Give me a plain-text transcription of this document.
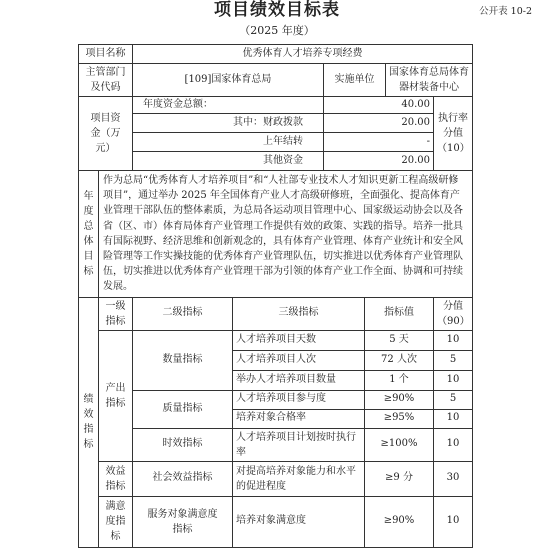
项目绩效目标表	公开表 10-2
（2025 年度）
项目名称		优秀体育人才培养专项经费					
主管部门及代码		[109]国家体育总局		实施单位		国家体育总局体育器材装备中心	
项目资金（万元）		年度资金总额：		40.00			执行率分值（10）
		其中：财政拨款		20.00			
		上年结转		-			
		其他资金		20.00			
年度总体目标	作为总局“优秀体育人才培养项目”和“人社部专业技术人才知识更新工程高级研修项目”，通过举办 2025 年全国体育产业人才高级研修班，全面强化、提高体育产业管理干部队伍的整体素质，为总局各运动项目管理中心、国家级运动协会以及各省（区、市）体育局体育产业管理工作提供有效的政策、实践的指导。培养一批具有国际视野、经济思维和创新观念的，具有体育产业管理、体育产业统计和安全风险管理等工作实操技能的优秀体育产业管理队伍，切实推进以优秀体育产业管理队伍，切实推进以优秀体育产业管理干部为引领的体育产业工作全面、协调和可持续发展。						
绩效指标	一级指标	二级指标	三级指标		指标值		分值（90）
	产出指标	数量指标	人才培养项目天数		5 天		10
			人才培养项目人次		72 人次		5
			举办人才培养项目数量		1 个		10
		质量指标	人才培养项目参与度		≥90%		5
			培养对象合格率		≥95%		10
		时效指标	人才培养项目计划按时执行率		≥100%		10
	效益指标	社会效益指标	对提高培养对象能力和水平的促进程度		≥9 分		30
	满意度指标	服务对象满意度指标	培养对象满意度		≥90%		10
